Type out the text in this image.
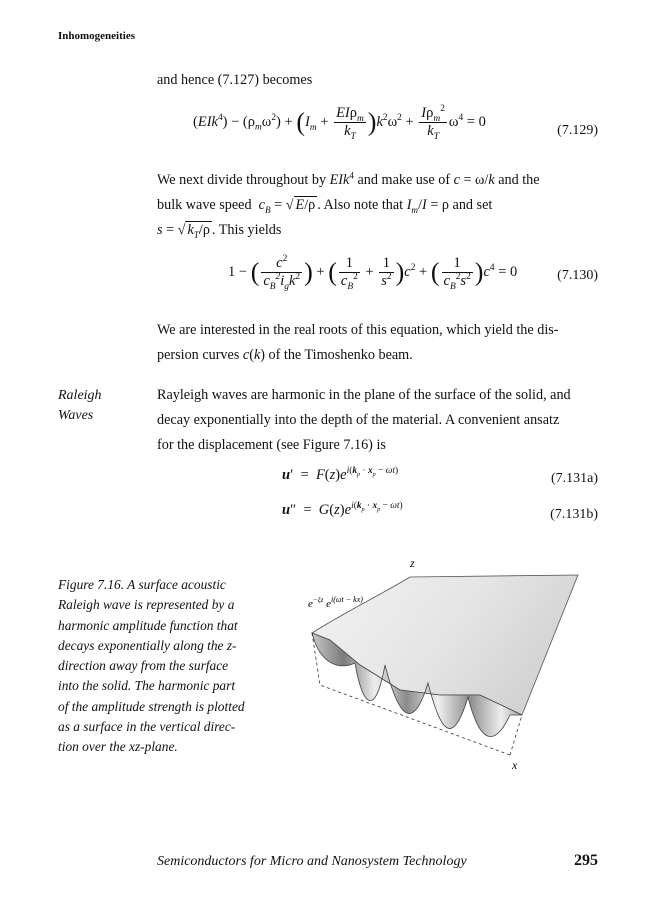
Inhomogeneities
and hence (7.127) becomes
$(EIk^4) - (\rho_m\omega^2) + (I_m + \frac{EI\rho_m}{k_T} )k^2\omega^2 + \frac{I\rho_m^2}{k_T} \omega^4 = 0$
(7.129)
We next divide throughout by EIk$^4$ and make use of c = ω/k and the
bulk wave speed $c_B$ = √ E/ρ . Also note that $I_m/I = \rho$ and set
s = √ $k_T/\rho$ . This yields
1 − ( $\frac{c^2}{c_B^2i_gk^2}$ ) + ( $\frac{1}{c_B^2} + \frac{1}{s^2} )c^2$ + ( $\frac{1}{c_B^2s^2} )c^4 = 0$	(7.130)
We are interested in the real roots of this equation, which yield the dis-
persion curves c(k) of the Timoshenko beam.
Raleigh
Waves
Rayleigh waves are harmonic in the plane of the surface of the solid, and
decay exponentially into the depth of the material. A convenient ansatz
for the displacement (see Figure 7.16) is
$u' = F(z)e^{i(k_p \cdot x_p - \omega t)}$	(7.131a)
$u'' = G(z)e^{i(k_p \cdot x_p - \omega t)}$
(7.131b)
Figure 7.16. A surface acoustic
Raleigh wave is represented by a
harmonic amplitude function that
decays exponentially along the z-
direction away from the surface
into the solid. The harmonic part
of the amplitude strength is plotted
as a surface in the vertical direc-
tion over the xz-plane.
$e^{-\xi z}$ $e^{i(\omega t - kx)}$
z
x
Semiconductors for Micro and Nanosystem Technology	295
